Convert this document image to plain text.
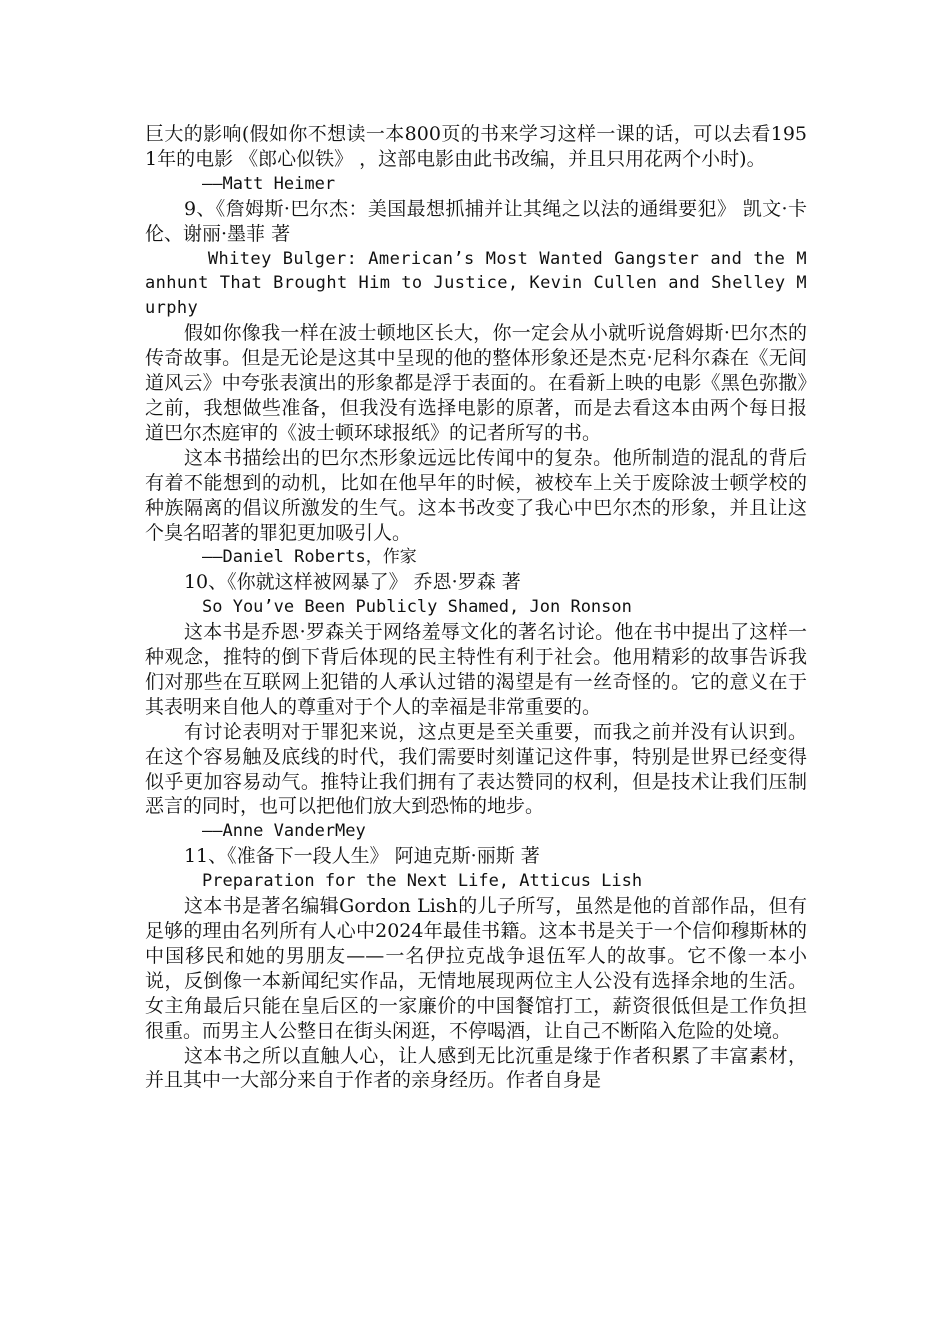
巨大的影响(假如你不想读一本800页的书来学习这样一课的话，可以去看1951年的电影 《郎心似铁》 ，这部电影由此书改编，并且只用花两个小时)。

——Matt Heimer

9、《詹姆斯·巴尔杰：美国最想抓捕并让其绳之以法的通缉要犯》 凯文·卡伦、谢丽·墨菲 著

Whitey Bulger: American’s Most Wanted Gangster and the Manhunt That Brought Him to Justice, Kevin Cullen and Shelley Murphy

假如你像我一样在波士顿地区长大，你一定会从小就听说詹姆斯·巴尔杰的传奇故事。但是无论是这其中呈现的他的整体形象还是杰克·尼科尔森在《无间道风云》中夸张表演出的形象都是浮于表面的。在看新上映的电影《黑色弥撒》之前，我想做些准备，但我没有选择电影的原著，而是去看这本由两个每日报道巴尔杰庭审的《波士顿环球报纸》的记者所写的书。

这本书描绘出的巴尔杰形象远远比传闻中的复杂。他所制造的混乱的背后有着不能想到的动机，比如在他早年的时候，被校车上关于废除波士顿学校的种族隔离的倡议所激发的生气。这本书改变了我心中巴尔杰的形象，并且让这个臭名昭著的罪犯更加吸引人。

——Daniel Roberts，作家

10、《你就这样被网暴了》 乔恩·罗森 著

So You’ve Been Publicly Shamed, Jon Ronson

这本书是乔恩·罗森关于网络羞辱文化的著名讨论。他在书中提出了这样一种观念，推特的倒下背后体现的民主特性有利于社会。他用精彩的故事告诉我们对那些在互联网上犯错的人承认过错的渴望是有一丝奇怪的。它的意义在于其表明来自他人的尊重对于个人的幸福是非常重要的。

有讨论表明对于罪犯来说，这点更是至关重要，而我之前并没有认识到。在这个容易触及底线的时代，我们需要时刻谨记这件事，特别是世界已经变得似乎更加容易动气。推特让我们拥有了表达赞同的权利，但是技术让我们压制恶言的同时，也可以把他们放大到恐怖的地步。

——Anne VanderMey

11、《准备下一段人生》 阿迪克斯·丽斯 著

Preparation for the Next Life, Atticus Lish

这本书是著名编辑Gordon Lish的儿子所写，虽然是他的首部作品，但有足够的理由名列所有人心中2024年最佳书籍。这本书是关于一个信仰穆斯林的中国移民和她的男朋友——一名伊拉克战争退伍军人的故事。它不像一本小说，反倒像一本新闻纪实作品，无情地展现两位主人公没有选择余地的生活。女主角最后只能在皇后区的一家廉价的中国餐馆打工，薪资很低但是工作负担很重。而男主人公整日在街头闲逛，不停喝酒，让自己不断陷入危险的处境。

这本书之所以直触人心，让人感到无比沉重是缘于作者积累了丰富素材，并且其中一大部分来自于作者的亲身经历。作者自身是
